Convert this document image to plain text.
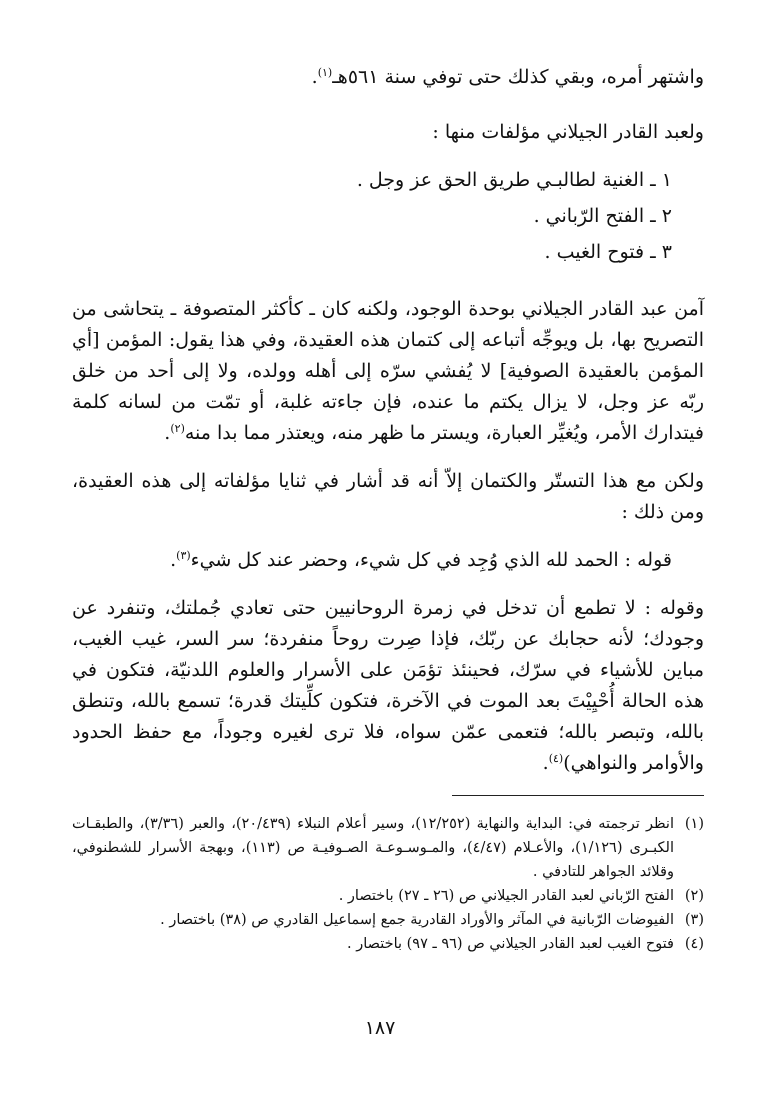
واشتهر أمره، وبقي كذلك حتى توفي سنة ٥٦١هـ$^{(١)}$.

ولعبد القادر الجيلاني مؤلفات منها :

١ ـ الغنية لطالبـي طريق الحق عز وجل .

٢ ـ الفتح الرّباني .

٣ ـ فتوح الغيب .

آمن عبد القادر الجيلاني بوحدة الوجود، ولكنه كان ـ كأكثر المتصوفة ـ يتحاشى من التصريح بها، بل ويوجِّه أتباعه إلى كتمان هذه العقيدة، وفي هذا يقول: المؤمن [أي المؤمن بالعقيدة الصوفية] لا يُفشي سرّه إلى أهله وولده، ولا إلى أحد من خلق ربّه عز وجل، لا يزال يكتم ما عنده، فإن جاءته غلبة، أو تمّت من لسانه كلمة فيتدارك الأمر، ويُغيِّر العبارة، ويستر ما ظهر منه، ويعتذر مما بدا منه$^{(٢)}$.

ولكن مع هذا التستّر والكتمان إلاّ أنه قد أشار في ثنايا مؤلفاته إلى هذه العقيدة، ومن ذلك :

قوله : الحمد لله الذي وُجِد في كل شيء، وحضر عند كل شيء$^{(٣)}$.

وقوله : لا تطمع أن تدخل في زمرة الروحانيين حتى تعادي جُملتك، وتنفرد عن وجودك؛ لأنه حجابك عن ربّك، فإذا صِرت روحاً منفردة؛ سر السر، غيب الغيب، مباين للأشياء في سرّك، فحينئذ تؤمَن على الأسرار والعلوم اللدنيّة، فتكون في هذه الحالة أُحْيِيْتَ بعد الموت في الآخرة، فتكون كلِّيتك قدرة؛ تسمع بالله، وتنطق بالله، وتبصر بالله؛ فتعمى عمّن سواه، فلا ترى لغيره وجوداً، مع حفظ الحدود والأوامر والنواهي)$^{(٤)}$.

(١)
انظر ترجمته في: البداية والنهاية (١٢/٢٥٢)، وسير أعلام النبلاء (٢٠/٤٣٩)، والعبر (٣/٣٦)، والطبقـات الكبـرى (١/١٢٦)، والأعـلام (٤/٤٧)، والمـوسـوعـة الصـوفيـة ص (١١٣)، وبهجة الأسرار للشطنوفي، وقلائد الجواهر للتادفي .
(٢)
الفتح الرّباني لعبد القادر الجيلاني ص (٢٦ ـ ٢٧) باختصار .
(٣)
الفيوضات الرّبانية في المآثر والأوراد القادرية جمع إسماعيل القادري ص (٣٨) باختصار .
(٤)
فتوح الغيب لعبد القادر الجيلاني ص (٩٦ ـ ٩٧) باختصار .
١٨٧
